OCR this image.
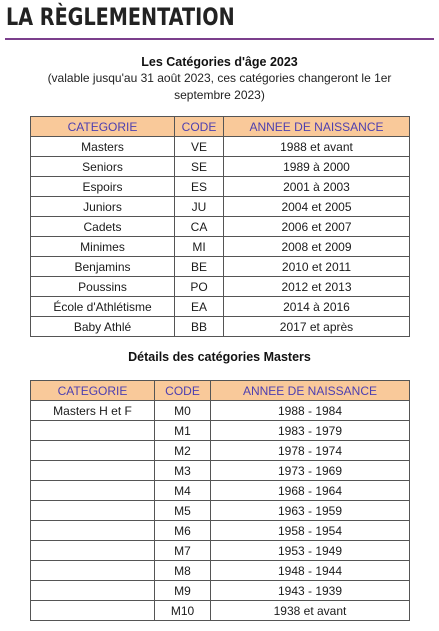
LA RÈGLEMENTATION
Les Catégories d'âge 2023
(valable jusqu'au 31 août 2023, ces catégories changeront le 1er septembre 2023)
CATEGORIE	CODE	ANNEE DE NAISSANCE
Masters	VE	1988 et avant
Seniors	SE	1989 à 2000
Espoirs	ES	2001 à 2003
Juniors	JU	2004 et 2005
Cadets	CA	2006 et 2007
Minimes	MI	2008 et 2009
Benjamins	BE	2010 et 2011
Poussins	PO	2012 et 2013
École d'Athlétisme	EA	2014 à 2016
Baby Athlé	BB	2017 et après
Détails des catégories Masters
CATEGORIE	CODE	ANNEE DE NAISSANCE
Masters H et F	M0	1988 - 1984
	M1	1983 - 1979
	M2	1978 - 1974
	M3	1973 - 1969
	M4	1968 - 1964
	M5	1963 - 1959
	M6	1958 - 1954
	M7	1953 - 1949
	M8	1948 - 1944
	M9	1943 - 1939
	M10	1938 et avant
